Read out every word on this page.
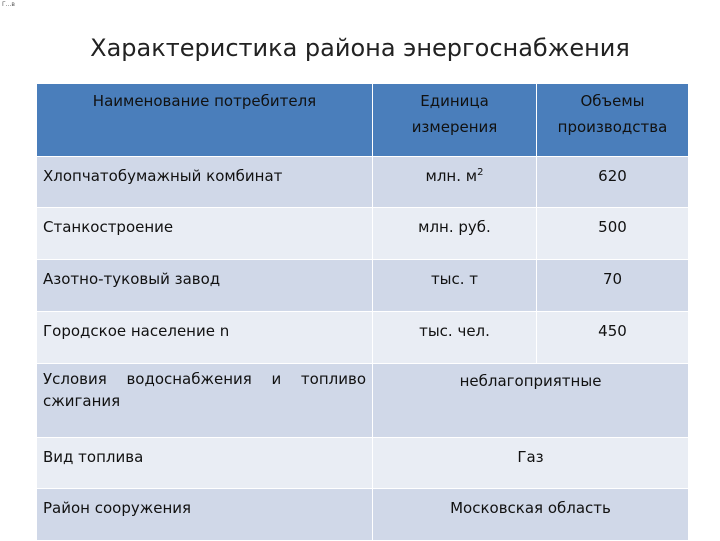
Г...в
Характеристика района энергоснабжения
Наименование потребителя	Единица измерения	Объемы производства

Хлопчатобумажный комбинат	млн. $м^2$	620

Станкостроение	млн. руб.	500

Азотно-туковый завод	тыс. т	70

Городское население n	тыс. чел.	450

Условия водоснабжения и топливо
сжигания	неблагоприятные	

Вид топлива	Газ	

Район сооружения	Московская область	
